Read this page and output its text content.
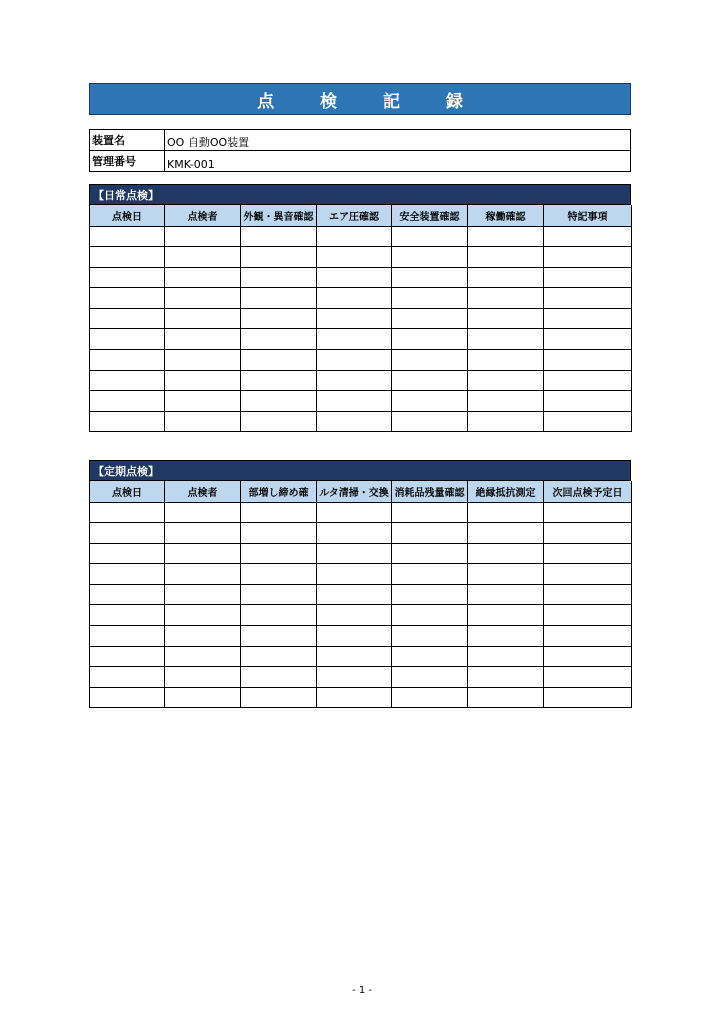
点 検 記 録
装置名	OO 自動OO装置
管理番号	KMK-001
【日常点検】
点検日	点検者	外観・異音確認	エア圧確認	安全装置確認	稼働確認	特記事項

【定期点検】
点検日	点検者	部増し締め確	ルタ清掃・交換	消耗品残量確認	絶縁抵抗測定	次回点検予定日

- 1 -
